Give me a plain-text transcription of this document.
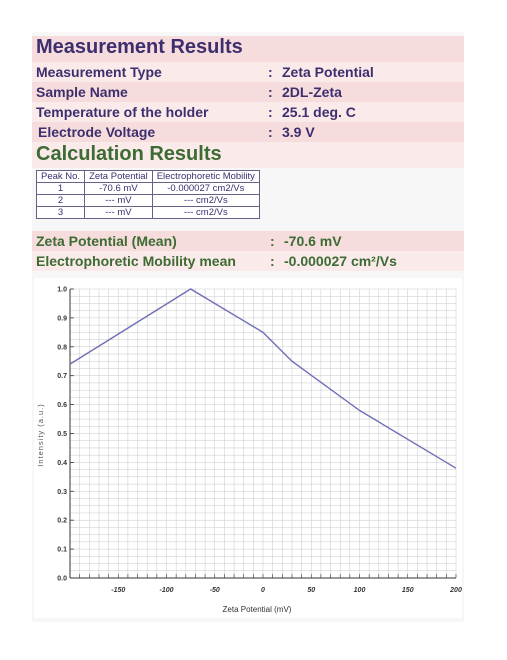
Measurement Results
Measurement Type	: Zeta Potential
Sample Name	: 2DL-Zeta
Temperature of the holder	: 25.1 deg. C
Electrode Voltage	: 3.9 V
Calculation Results
Peak No.	Zeta Potential	Electrophoretic Mobility
1	-70.6 mV	-0.000027 cm2/Vs
2	--- mV	--- cm2/Vs
3	--- mV	--- cm2/Vs
Zeta Potential (Mean)	: -70.6 mV
Electrophoretic Mobility mean : -0.000027 cm²/Vs
0.0
0.1
0.2
0.3
0.4
0.5
0.6
0.7
0.8
0.9
1.0
-150	-100	-50	0	50	100	150	200
Zeta Potential (mV)
Intensity (a.u.)
